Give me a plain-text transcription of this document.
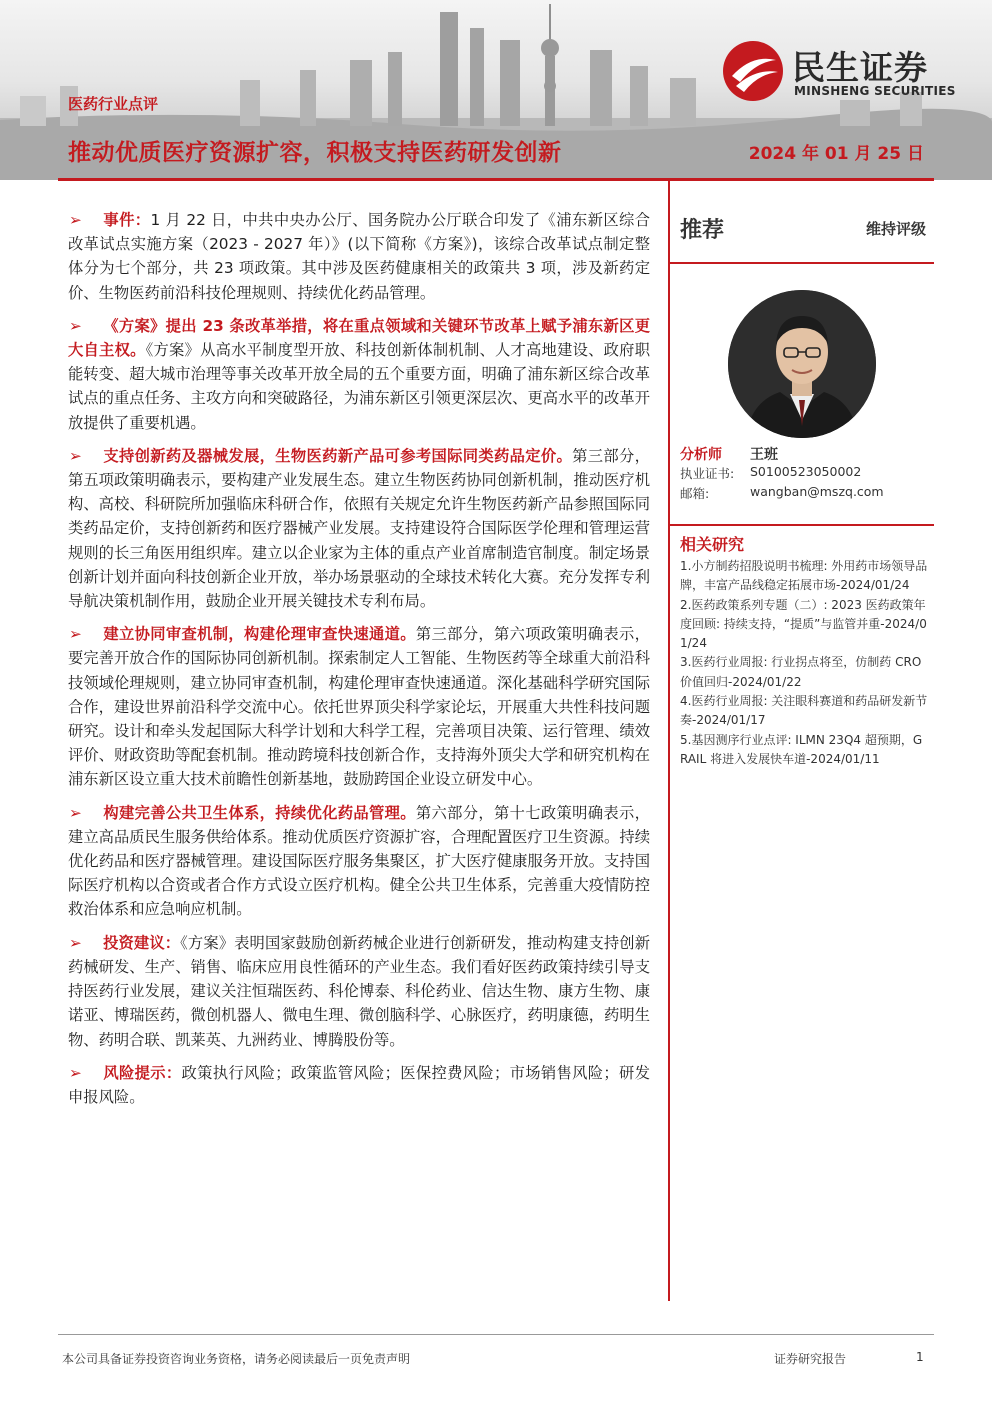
医药行业点评
推动优质医疗资源扩容，积极支持医药研发创新	2024 年 01 月 25 日
民生证券
MINSHENG SECURITIES

➢ 事件：1 月 22 日，中共中央办公厅、国务院办公厅联合印发了《浦东新区综合改革试点实施方案（2023 - 2027 年）》(以下简称《方案》)，该综合改革试点制定整体分为七个部分，共 23 项政策。其中涉及医药健康相关的政策共 3 项，涉及新药定价、生物医药前沿科技伦理规则、持续优化药品管理。

➢ 《方案》提出 23 条改革举措，将在重点领域和关键环节改革上赋予浦东新区更大自主权。《方案》从高水平制度型开放、科技创新体制机制、人才高地建设、政府职能转变、超大城市治理等事关改革开放全局的五个重要方面，明确了浦东新区综合改革试点的重点任务、主攻方向和突破路径，为浦东新区引领更深层次、更高水平的改革开放提供了重要机遇。

➢ 支持创新药及器械发展，生物医药新产品可参考国际同类药品定价。第三部分，第五项政策明确表示，要构建产业发展生态。建立生物医药协同创新机制，推动医疗机构、高校、科研院所加强临床科研合作，依照有关规定允许生物医药新产品参照国际同类药品定价，支持创新药和医疗器械产业发展。支持建设符合国际医学伦理和管理运营规则的长三角医用组织库。建立以企业家为主体的重点产业首席制造官制度。制定场景创新计划并面向科技创新企业开放，举办场景驱动的全球技术转化大赛。充分发挥专利导航决策机制作用，鼓励企业开展关键技术专利布局。

➢ 建立协同审查机制，构建伦理审查快速通道。第三部分，第六项政策明确表示，要完善开放合作的国际协同创新机制。探索制定人工智能、生物医药等全球重大前沿科技领域伦理规则，建立协同审查机制，构建伦理审查快速通道。深化基础科学研究国际合作，建设世界前沿科学交流中心。依托世界顶尖科学家论坛，开展重大共性科技问题研究。设计和牵头发起国际大科学计划和大科学工程，完善项目决策、运行管理、绩效评价、财政资助等配套机制。推动跨境科技创新合作，支持海外顶尖大学和研究机构在浦东新区设立重大技术前瞻性创新基地，鼓励跨国企业设立研发中心。

➢ 构建完善公共卫生体系，持续优化药品管理。第六部分，第十七政策明确表示，建立高品质民生服务供给体系。推动优质医疗资源扩容，合理配置医疗卫生资源。持续优化药品和医疗器械管理。建设国际医疗服务集聚区，扩大医疗健康服务开放。支持国际医疗机构以合资或者合作方式设立医疗机构。健全公共卫生体系，完善重大疫情防控救治体系和应急响应机制。

➢ 投资建议：《方案》表明国家鼓励创新药械企业进行创新研发，推动构建支持创新药械研发、生产、销售、临床应用良性循环的产业生态。我们看好医药政策持续引导支持医药行业发展，建议关注恒瑞医药、科伦博泰、科伦药业、信达生物、康方生物、康诺亚、博瑞医药，微创机器人、微电生理、微创脑科学、心脉医疗，药明康德，药明生物、药明合联、凯莱英、九洲药业、博腾股份等。

➢ 风险提示：政策执行风险；政策监管风险；医保控费风险；市场销售风险；研发申报风险。

推荐	维持评级
分析师 王班
执业证书: S0100523050002
邮箱:	wangban@mszq.com
相关研究
1.小方制药招股说明书梳理: 外用药市场领导品牌，丰富产品线稳定拓展市场-2024/01/24
2.医药政策系列专题（二）: 2023 医药政策年度回顾: 持续支持，“提质”与监管并重-2024/01/24
3.医药行业周报: 行业拐点将至，仿制药 CRO 价值回归-2024/01/22
4.医药行业周报: 关注眼科赛道和药品研发新节奏-2024/01/17
5.基因测序行业点评: ILMN 23Q4 超预期，GRAIL 将进入发展快车道-2024/01/11
本公司具备证券投资咨询业务资格，请务必阅读最后一页免责声明	证券研究报告	1
